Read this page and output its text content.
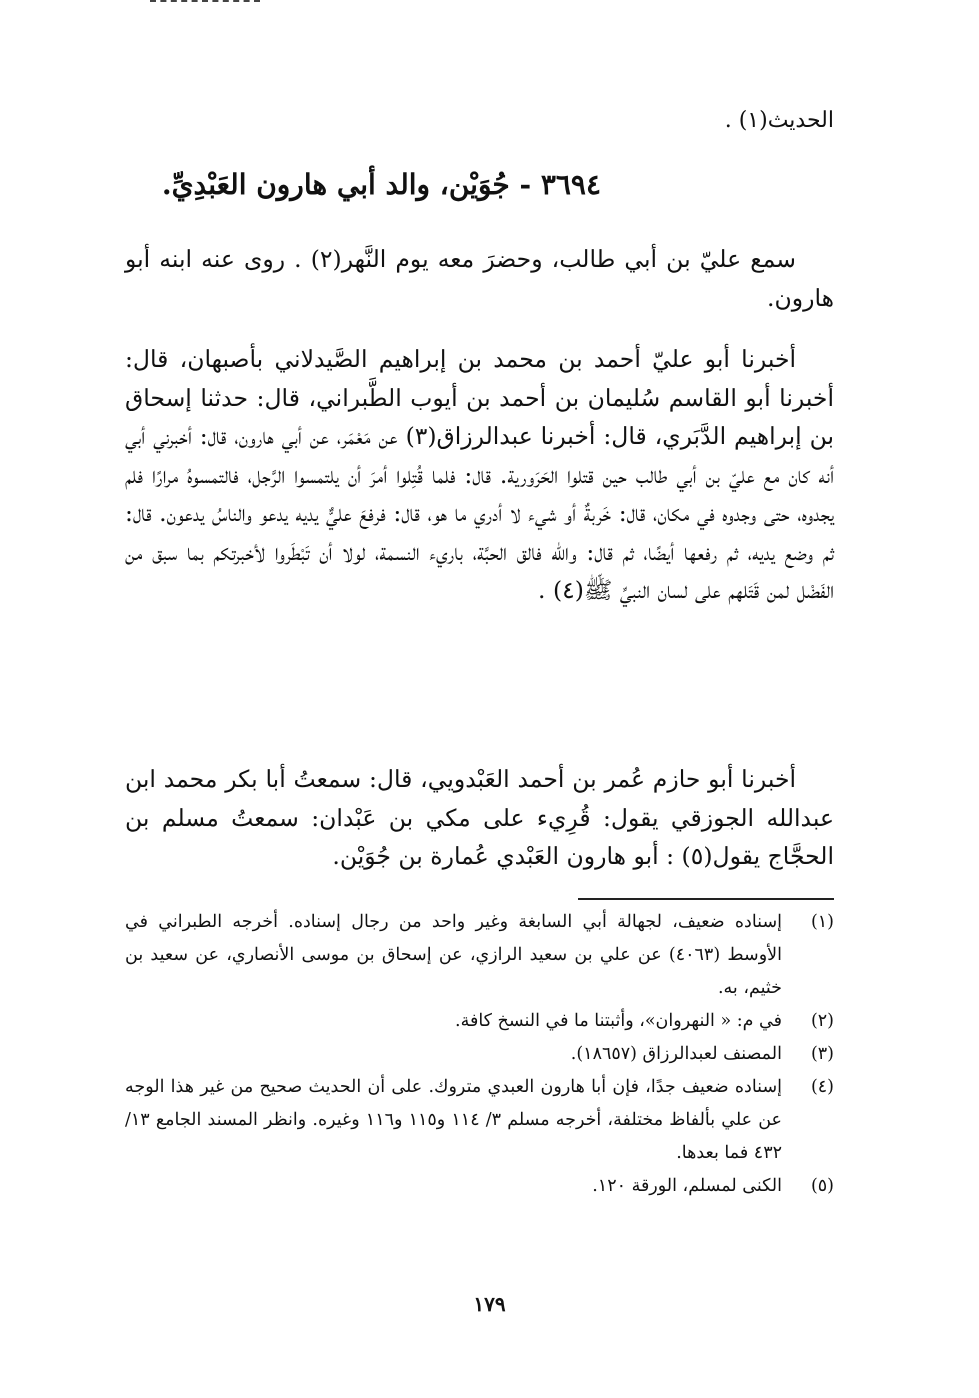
الحديث(١) .
٣٦٩٤ - جُوَيْن، والد أبي هارون العَبْدِيِّ.

سمع عليّ بن أبي طالب، وحضرَ معه يوم النَّهر(٢) . روى عنه ابنه أبو هارون.

أخبرنا أبو عليّ أحمد بن محمد بن إبراهيم الصَّيدلاني بأصبهان، قال: أخبرنا أبو القاسم سُليمان بن أحمد بن أيوب الطَّبراني، قال: حدثنا إسحاق بن إبراهيم الدَّبَري، قال: أخبرنا عبدالرزاق(٣) عن مَعْمَر، عن أبي هارون، قال: أخبرني أبي أنه كان مع عليّ بن أبي طالب حين قتلوا الحَرَورية. قال: فلما قُتِلوا أمرَ أن يلتمسوا الرَّجل، فالتمسوهُ مرارًا فلم يجدوه، حتى وجدوه في مكان، قال: خَربةٌ أو شيء لا أدري ما هو، قال: فرفعَ عليٌّ يديه يدعو والناسُ يدعون. قال: ثم وضع يديه، ثم رفعها أيضًا، ثم قال: والله فالق الحبَّة، باريء النسمة، لولا أن تَبْطَروا لأخبرتكم بما سبق من الفَضْل لمن قَتَلهم على لسان النبيِّ ﷺ(٤) .

أخبرنا أبو حازم عُمر بن أحمد العَبْدويي، قال: سمعتُ أبا بكر محمد ابن عبدالله الجوزقي يقول: قُرِيء على مكي بن عَبْدان: سمعتُ مسلم بن الحجَّاج يقول(٥) : أبو هارون العَبْدي عُمارة بن جُوَيْن.

(١)
إسناده ضعيف، لجهالة أبي السابغة وغير واحد من رجال إسناده. أخرجه الطبراني في الأوسط (٤٠٦٣) عن علي بن سعيد الرازي، عن إسحاق بن موسى الأنصاري، عن سعيد بن خثيم، به.
(٢)
في م: « النهروان»، وأثبتنا ما في النسخ كافة.
(٣)
المصنف لعبدالرزاق (١٨٦٥٧).
(٤)
إسناده ضعيف جدًا، فإن أبا هارون العبدي متروك. على أن الحديث صحيح من غير هذا الوجه عن علي بألفاظ مختلفة، أخرجه مسلم ٣/ ١١٤ و١١٥ و١١٦ وغيره. وانظر المسند الجامع ١٣/ ٤٣٢ فما بعدها.
(٥)
الكنى لمسلم، الورقة ١٢٠.
١٧٩
